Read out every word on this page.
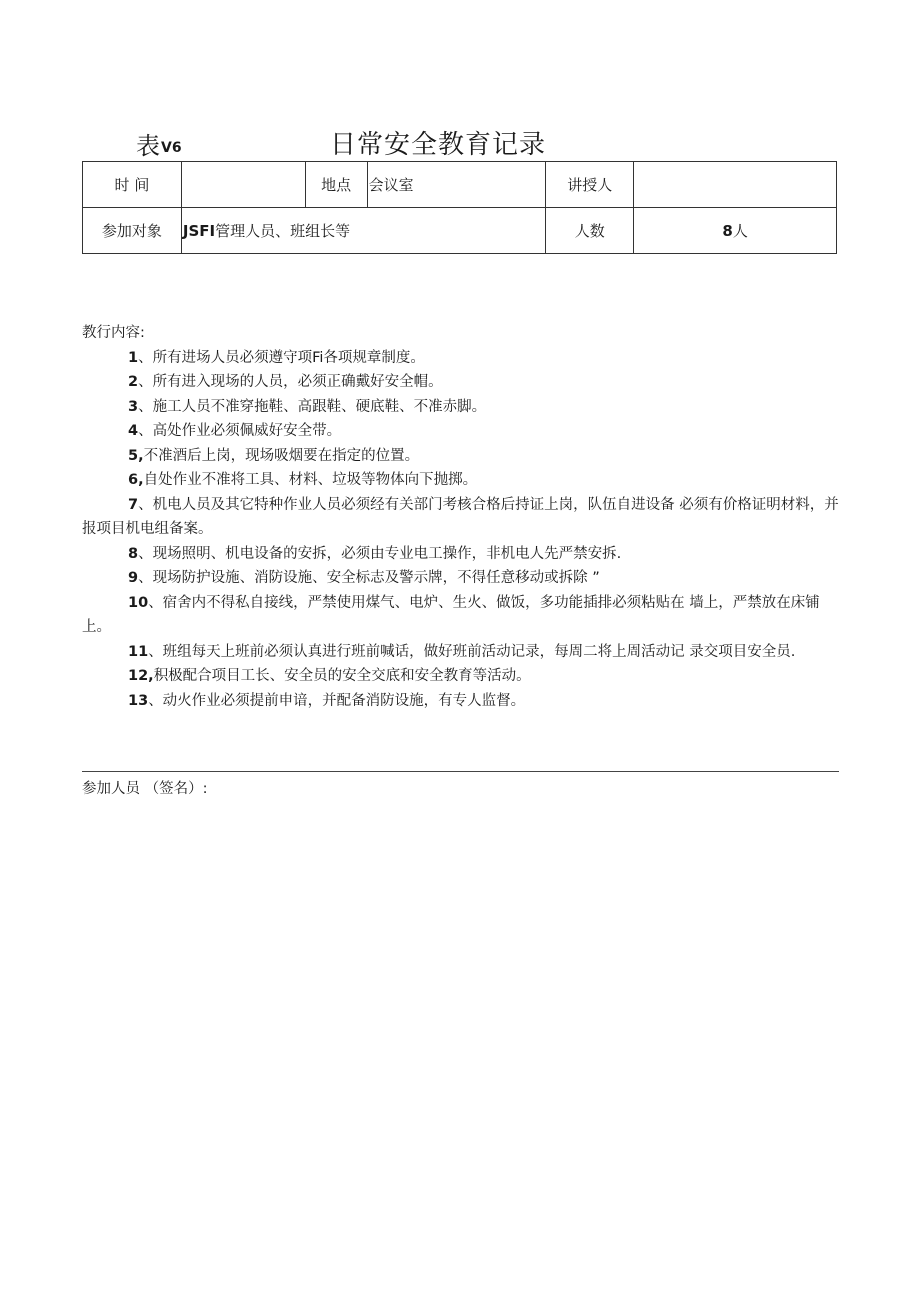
表V6	日常安全教育记录
时 间		地点	会议室	讲授人	
参加对象	JSFI管理人员、班组长等			人数	8人

教行内容:

1、所有进场人员必须遵守项Fi各项规章制度。

2、所有进入现场的人员，必须正确戴好安全帽。

3、施工人员不准穿拖鞋、高跟鞋、硬底鞋、不准赤脚。

4、高处作业必须佩威好安全带。

5,不准酒后上岗，现场吸烟要在指定的位置。

6,自处作业不准将工具、材料、垃圾等物体向下抛掷。

7、机电人员及其它特种作业人员必须经有关部门考核合格后持证上岗，队伍自进设备 必须有价格证明材料，并报项目机电组备案。

8、现场照明、机电设备的安拆，必须由专业电工操作，非机电人先严禁安拆.

9、现场防护设施、消防设施、安全标志及警示牌，不得任意移动或拆除 ”

10、宿舍内不得私自接线，严禁使用煤气、电炉、生火、做饭，多功能插排必须粘贴在 墙上，严禁放在床铺上。

11、班组每天上班前必须认真进行班前喊话，做好班前活动记录，每周二将上周活动记 录交项目安全员.

12,积极配合项目工长、安全员的安全交底和安全教育等活动。

13、动火作业必须提前申谙，并配备消防设施，有专人监督。

参加人员 （签名）:
